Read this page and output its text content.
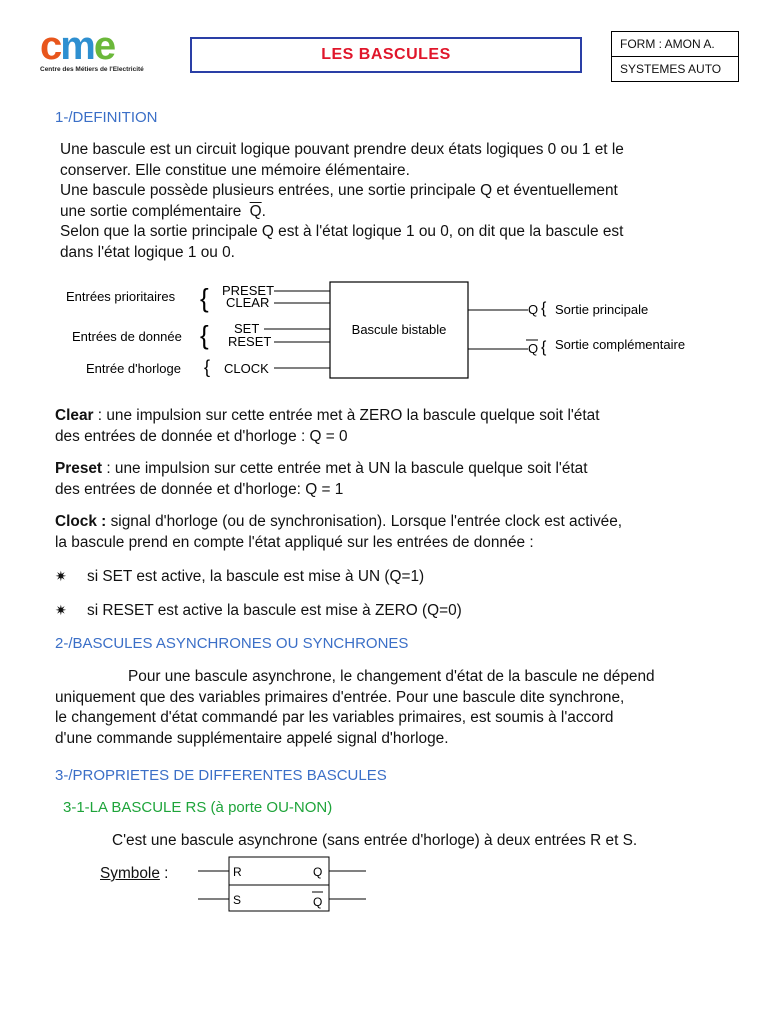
cme
Centre des Métiers de l'Electricité
LES BASCULES
FORM : AMON A.
SYSTEMES AUTO
1-/DEFINITION
Une bascule est un circuit logique pouvant prendre deux états logiques 0 ou 1 et le
conserver. Elle constitue une mémoire élémentaire.
Une bascule possède plusieurs entrées, une sortie principale Q et éventuellement
une sortie complémentaire $\overline{Q}$.
Selon que la sortie principale Q est à l'état logique 1 ou 0, on dit que la bascule est
dans l'état logique 1 ou 0.
Entrées prioritaires {
Entrées de donnée {
Entrée d'horloge {
PRESET
CLEAR
SET
RESET
CLOCK
Bascule bistable
Q { Sortie principale
Q { Sortie complémentaire
Clear : une impulsion sur cette entrée met à ZERO la bascule quelque soit l'état
des entrées de donnée et d'horloge : Q = 0
Preset : une impulsion sur cette entrée met à UN la bascule quelque soit l'état
des entrées de donnée et d'horloge: Q = 1
Clock : signal d'horloge (ou de synchronisation). Lorsque l'entrée clock est activée,
la bascule prend en compte l'état appliqué sur les entrées de donnée :
✷ si SET est active, la bascule est mise à UN (Q=1)
✷ si RESET est active la bascule est mise à ZERO (Q=0)
2-/BASCULES ASYNCHRONES OU SYNCHRONES
Pour une bascule asynchrone, le changement d'état de la bascule ne dépend
uniquement que des variables primaires d'entrée. Pour une bascule dite synchrone,
le changement d'état commandé par les variables primaires, est soumis à l'accord
d'une commande supplémentaire appelé signal d'horloge.
3-/PROPRIETES DE DIFFERENTES BASCULES
3-1-LA BASCULE RS (à porte OU-NON)
C'est une bascule asynchrone (sans entrée d'horloge) à deux entrées R et S.
Symbole :	R
S
Q
Q
